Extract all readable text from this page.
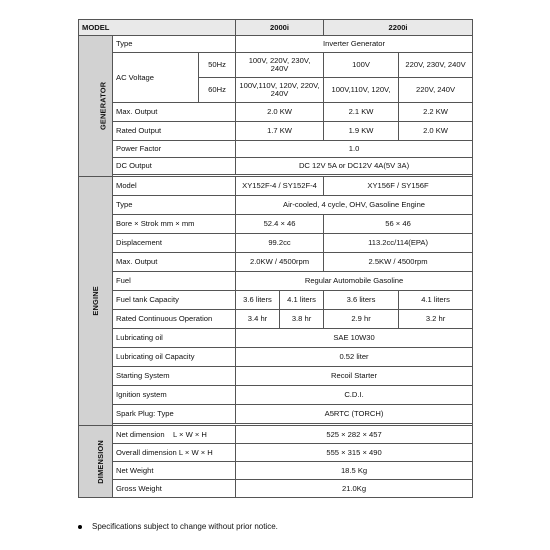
MODEL			2000i		2200i	
GENERATOR	Type		Inverter Generator			
	AC Voltage	50Hz	100V, 220V, 230V, 240V		100V	220V, 230V, 240V
		60Hz	100V,110V, 120V, 220V, 240V		100V,110V, 120V,	220V, 240V
	Max. Output		2.0 KW		2.1 KW	2.2 KW
	Rated Output		1.7 KW		1.9 KW	2.0 KW
	Power Factor		1.0			
	DC Output		DC 12V 5A or DC12V 4A(5V 3A)			

ENGINE	Model		XY152F-4 / SY152F-4		XY156F / SY156F	
	Type		Air-cooled, 4 cycle, OHV, Gasoline Engine			
	Bore × Strok mm × mm		52.4 × 46		56 × 46	
	Displacement		99.2cc		113.2cc/114(EPA)	
	Max. Output		2.0KW / 4500rpm		2.5KW / 4500rpm	
	Fuel		Regular Automobile Gasoline			
	Fuel tank Capacity		3.6 liters	4.1 liters	3.6 liters	4.1 liters
	Rated Continuous Operation		3.4 hr	3.8 hr	2.9 hr	3.2 hr
	Lubricating oil		SAE 10W30			
	Lubricating oil Capacity		0.52 liter			
	Starting System		Recoil Starter			
	Ignition system		C.D.I.			
	Spark Plug: Type		A5RTC (TORCH)			

DIMENSION	Net dimension    L × W × H		525 × 282 × 457			
	Overall dimension L × W × H		555 × 315 × 490			
	Net Weight		18.5 Kg			
	Gross Weight		21.0Kg			
Specifications subject to change without prior notice.
